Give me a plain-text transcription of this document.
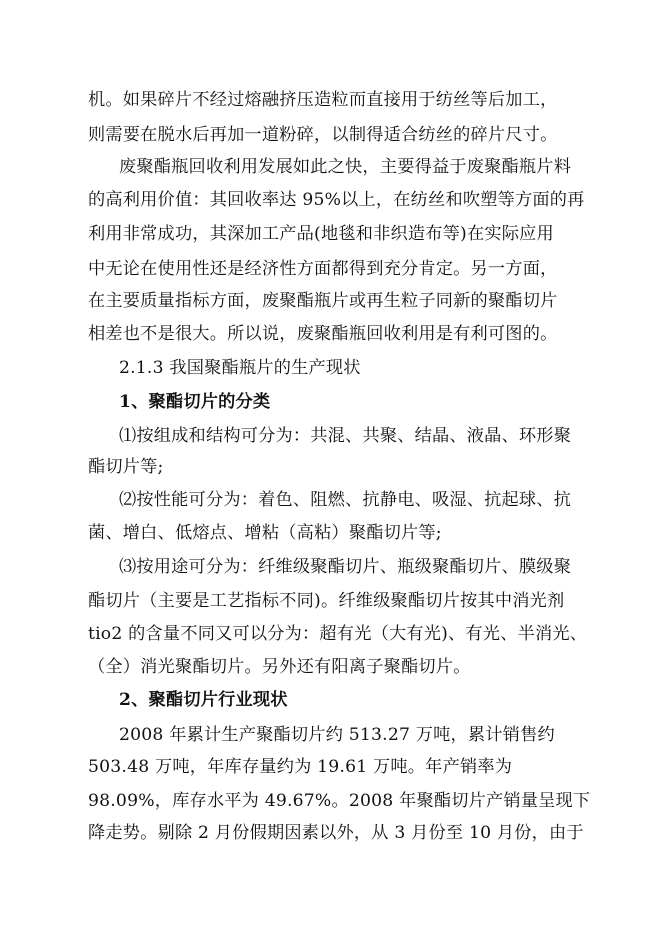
机。如果碎片不经过熔融挤压造粒而直接用于纺丝等后加工，
则需要在脱水后再加一道粉碎，以制得适合纺丝的碎片尺寸。
废聚酯瓶回收利用发展如此之快，主要得益于废聚酯瓶片料
的高利用价值：其回收率达 95%以上，在纺丝和吹塑等方面的再
利用非常成功，其深加工产品(地毯和非织造布等)在实际应用
中无论在使用性还是经济性方面都得到充分肯定。另一方面，
在主要质量指标方面，废聚酯瓶片或再生粒子同新的聚酯切片
相差也不是很大。所以说，废聚酯瓶回收利用是有利可图的。
2.1.3 我国聚酯瓶片的生产现状
1、聚酯切片的分类
⑴按组成和结构可分为：共混、共聚、结晶、液晶、环形聚
酯切片等;
⑵按性能可分为：着色、阻燃、抗静电、吸湿、抗起球、抗
菌、增白、低熔点、增粘（高粘）聚酯切片等;
⑶按用途可分为：纤维级聚酯切片、瓶级聚酯切片、膜级聚
酯切片（主要是工艺指标不同)。纤维级聚酯切片按其中消光剂
tio2 的含量不同又可以分为：超有光（大有光)、有光、半消光、
（全）消光聚酯切片。另外还有阳离子聚酯切片。
2、聚酯切片行业现状
2008 年累计生产聚酯切片约 513.27 万吨，累计销售约
503.48 万吨，年库存量约为 19.61 万吨。年产销率为
98.09%，库存水平为 49.67%。2008 年聚酯切片产销量呈现下
降走势。剔除 2 月份假期因素以外，从 3 月份至 10 月份，由于
